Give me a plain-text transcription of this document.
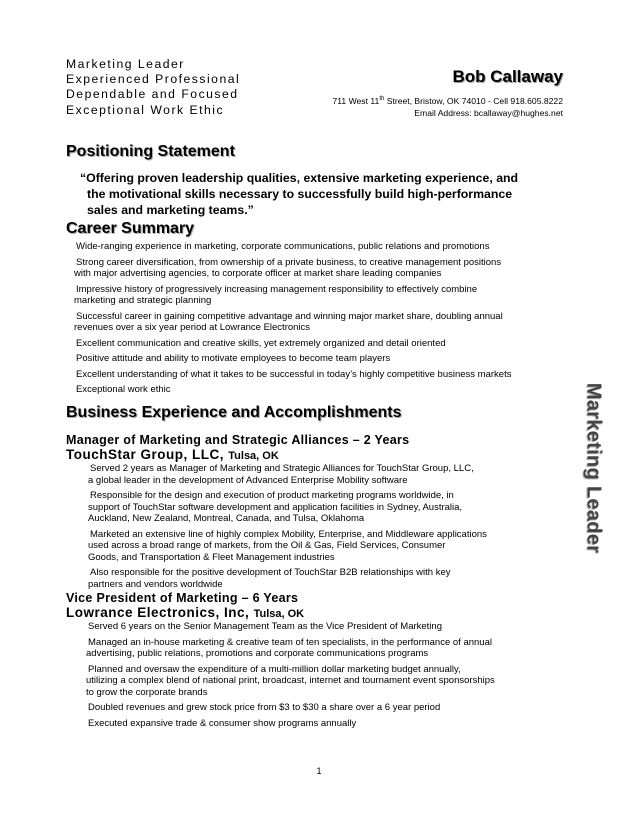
Marketing Leader
Experienced Professional
Dependable and Focused
Exceptional Work Ethic
Bob Callaway
711 West 11th Street, Bristow, OK 74010 - Cell 918.605.8222
Email Address: bcallaway@hughes.net
Positioning Statement
“Offering proven leadership qualities, extensive marketing experience, and
the motivational skills necessary to successfully build high-performance
sales and marketing teams.”
Career Summary
Wide-ranging experience in marketing, corporate communications, public relations and promotions
Strong career diversification, from ownership of a private business, to creative management positions
with major advertising agencies, to corporate officer at market share leading companies
Impressive history of progressively increasing management responsibility to effectively combine
marketing and strategic planning
Successful career in gaining competitive advantage and winning major market share, doubling annual
revenues over a six year period at Lowrance Electronics
Excellent communication and creative skills, yet extremely organized and detail oriented
Positive attitude and ability to motivate employees to become team players
Excellent understanding of what it takes to be successful in today’s highly competitive business markets
Exceptional work ethic
Business Experience and Accomplishments
Manager of Marketing and Strategic Alliances – 2 Years
TouchStar Group, LLC, Tulsa, OK
Served 2 years as Manager of Marketing and Strategic Alliances for TouchStar Group, LLC,
a global leader in the development of Advanced Enterprise Mobility software
Responsible for the design and execution of product marketing programs worldwide, in
support of TouchStar software development and application facilities in Sydney, Australia,
Auckland, New Zealand, Montreal, Canada, and Tulsa, Oklahoma
Marketed an extensive line of highly complex Mobility, Enterprise, and Middleware applications
used across a broad range of markets, from the Oil & Gas, Field Services, Consumer
Goods, and Transportation & Fleet Management industries
Also responsible for the positive development of TouchStar B2B relationships with key
partners and vendors worldwide
Vice President of Marketing – 6 Years
Lowrance Electronics, Inc, Tulsa, OK
Served 6 years on the Senior Management Team as the Vice President of Marketing
Managed an in-house marketing & creative team of ten specialists, in the performance of annual
advertising, public relations, promotions and corporate communications programs
Planned and oversaw the expenditure of a multi-million dollar marketing budget annually,
utilizing a complex blend of national print, broadcast, internet and tournament event sponsorships
to grow the corporate brands
Doubled revenues and grew stock price from $3 to $30 a share over a 6 year period
Executed expansive trade & consumer show programs annually
Marketing Leader
1
